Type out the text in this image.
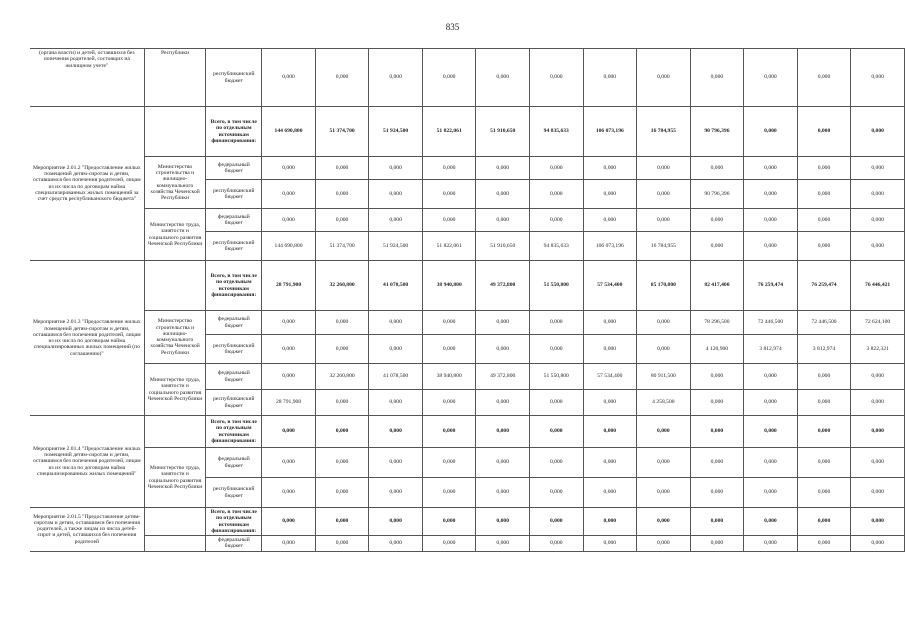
835
(органа власти) и детей, оставшихся без попечения родителей, состоящих на жилищном учете"	Республики	республиканский бюджет	0,000	0,000	0,000	0,000	0,000	0,000	0,000	0,000	0,000	0,000	0,000	0,000
Мероприятие 2.01.2 "Предоставление жилых помещений детям-сиротам и детям, оставшимся без попечения родителей, лицам из их числа по договорам найма специализированных жилых помещений за счет средств республиканского бюджета"		Всего, в том числе по отдельным источникам финансирования:	144 690,800	51 374,700	51 924,500	51 822,061	51 910,650	94 835,633	106 073,196	16 784,955	90 796,396	0,000	0,000	0,000
	Министерство строительства и жилищно-коммунального хозяйства Чеченской Республики	федеральный бюджет	0,000	0,000	0,000	0,000	0,000	0,000	0,000	0,000	0,000	0,000	0,000	0,000
		республиканский бюджет	0,000	0,000	0,000	0,000	0,000	0,000	0,000	0,000	90 796,396	0,000	0,000	0,000
	Министерство труда, занятости и социального развития Чеченской Республики	федеральный бюджет	0,000	0,000	0,000	0,000	0,000	0,000	0,000	0,000	0,000	0,000	0,000	0,000
		республиканский бюджет	144 690,800	51 374,700	51 924,500	51 822,061	51 910,650	94 835,633	106 073,196	16 784,955	0,000	0,000	0,000	0,000
Мероприятие 2.01.3 "Предоставление жилых помещений детям-сиротам и детям, оставшимся без попечения родителей, лицам из их числа по договорам найма специализированных жилых помещений (по соглашению)"		Всего, в том числе по отдельным источникам финансирования:	28 791,900	32 260,800	41 078,500	38 940,800	49 372,800	51 550,800	57 534,400	85 170,000	82 417,400	76 259,474	76 259,474	76 446,421
	Министерство строительства и жилищно-коммунального хозяйства Чеченской Республики	федеральный бюджет	0,000	0,000	0,000	0,000	0,000	0,000	0,000	0,000	78 296,500	72 446,500	72 446,500	72 624,100
		республиканский бюджет	0,000	0,000	0,000	0,000	0,000	0,000	0,000	0,000	4 120,900	3 812,974	3 812,974	3 822,321
	Министерство труда, занятости и социального развития Чеченской Республики	федеральный бюджет	0,000	32 260,800	41 078,500	38 940,800	49 372,800	51 550,800	57 534,400	80 911,500	0,000	0,000	0,000	0,000
		республиканский бюджет	28 791,900	0,000	0,000	0,000	0,000	0,000	0,000	4 258,500	0,000	0,000	0,000	0,000
Мероприятие 2.01.4 "Предоставление жилых помещений детям-сиротам и детям, оставшимся без попечения родителей, лицам из их числа по договорам найма специализированных жилых помещений"		Всего, в том числе по отдельным источникам финансирования:	0,000	0,000	0,000	0,000	0,000	0,000	0,000	0,000	0,000	0,000	0,000	0,000
	Министерство труда, занятости и социального развития Чеченской Республики	федеральный бюджет	0,000	0,000	0,000	0,000	0,000	0,000	0,000	0,000	0,000	0,000	0,000	0,000
		республиканский бюджет	0,000	0,000	0,000	0,000	0,000	0,000	0,000	0,000	0,000	0,000	0,000	0,000
Мероприятие 2.01.5 "Предоставление детям-сиротам и детям, оставшимся без попечения родителей, а также лицам из числа детей-сирот и детей, оставшихся без попечения родителей		Всего, в том числе по отдельным источникам финансирования:	0,000	0,000	0,000	0,000	0,000	0,000	0,000	0,000	0,000	0,000	0,000	0,000
		федеральный бюджет	0,000	0,000	0,000	0,000	0,000	0,000	0,000	0,000	0,000	0,000	0,000	0,000
